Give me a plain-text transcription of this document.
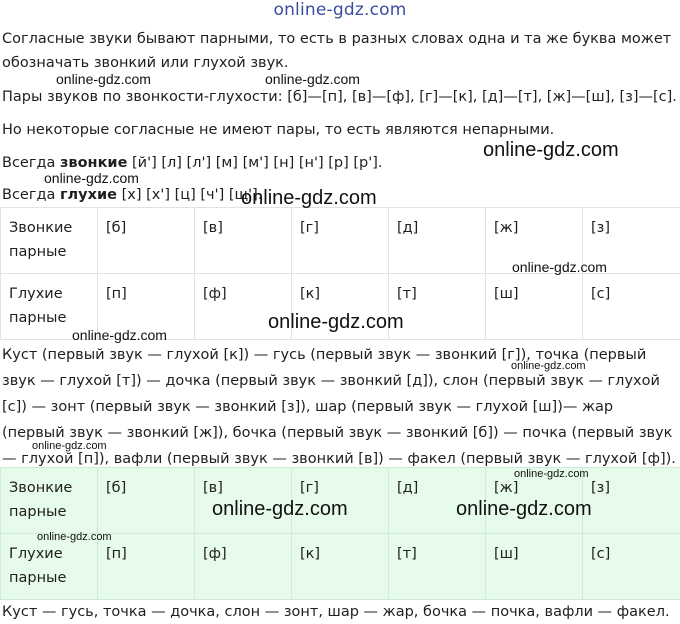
online-gdz.com
Согласные звуки бывают парными, то есть в разных словах одна и та же буква может обозначать звонкий или глухой звук.
Пары звуков по звонкости-глухости: [б]—[п], [в]—[ф], [г]—[к], [д]—[т], [ж]—[ш], [з]—[с].
Но некоторые согласные не имеют пары, то есть являются непарными.
Всегда звонкие [й'] [л] [л'] [м] [м'] [н] [н'] [р] [р'].
Всегда глухие [х] [х'] [ц] [ч'] [щ'].
Звонкие парные	[б]	[в]	[г]	[д]	[ж]	[з]
Глухие парные	[п]	[ф]	[к]	[т]	[ш]	[с]
Куст (первый звук — глухой [к]) — гусь (первый звук — звонкий [г]), точка (первый звук — глухой [т]) — дочка (первый звук — звонкий [д]), слон (первый звук — глухой [с]) — зонт (первый звук — звонкий [з]), шар (первый звук — глухой [ш])— жар (первый звук — звонкий [ж]), бочка (первый звук — звонкий [б]) — почка (первый звук — глухой [п]), вафли (первый звук — звонкий [в]) — факел (первый звук — глухой [ф]).
Звонкие парные	[б]	[в]	[г]	[д]	[ж]	[з]
Глухие парные	[п]	[ф]	[к]	[т]	[ш]	[с]
Куст — гусь, точка — дочка, слон — зонт, шар — жар, бочка — почка, вафли — факел.
online-gdz.com	online-gdz.com
online-gdz.com
online-gdz.com
online-gdz.com
online-gdz.com
online-gdz.com
online-gdz.com
online-gdz.com
online-gdz.com
online-gdz.com
online-gdz.com	online-gdz.com
online-gdz.com
